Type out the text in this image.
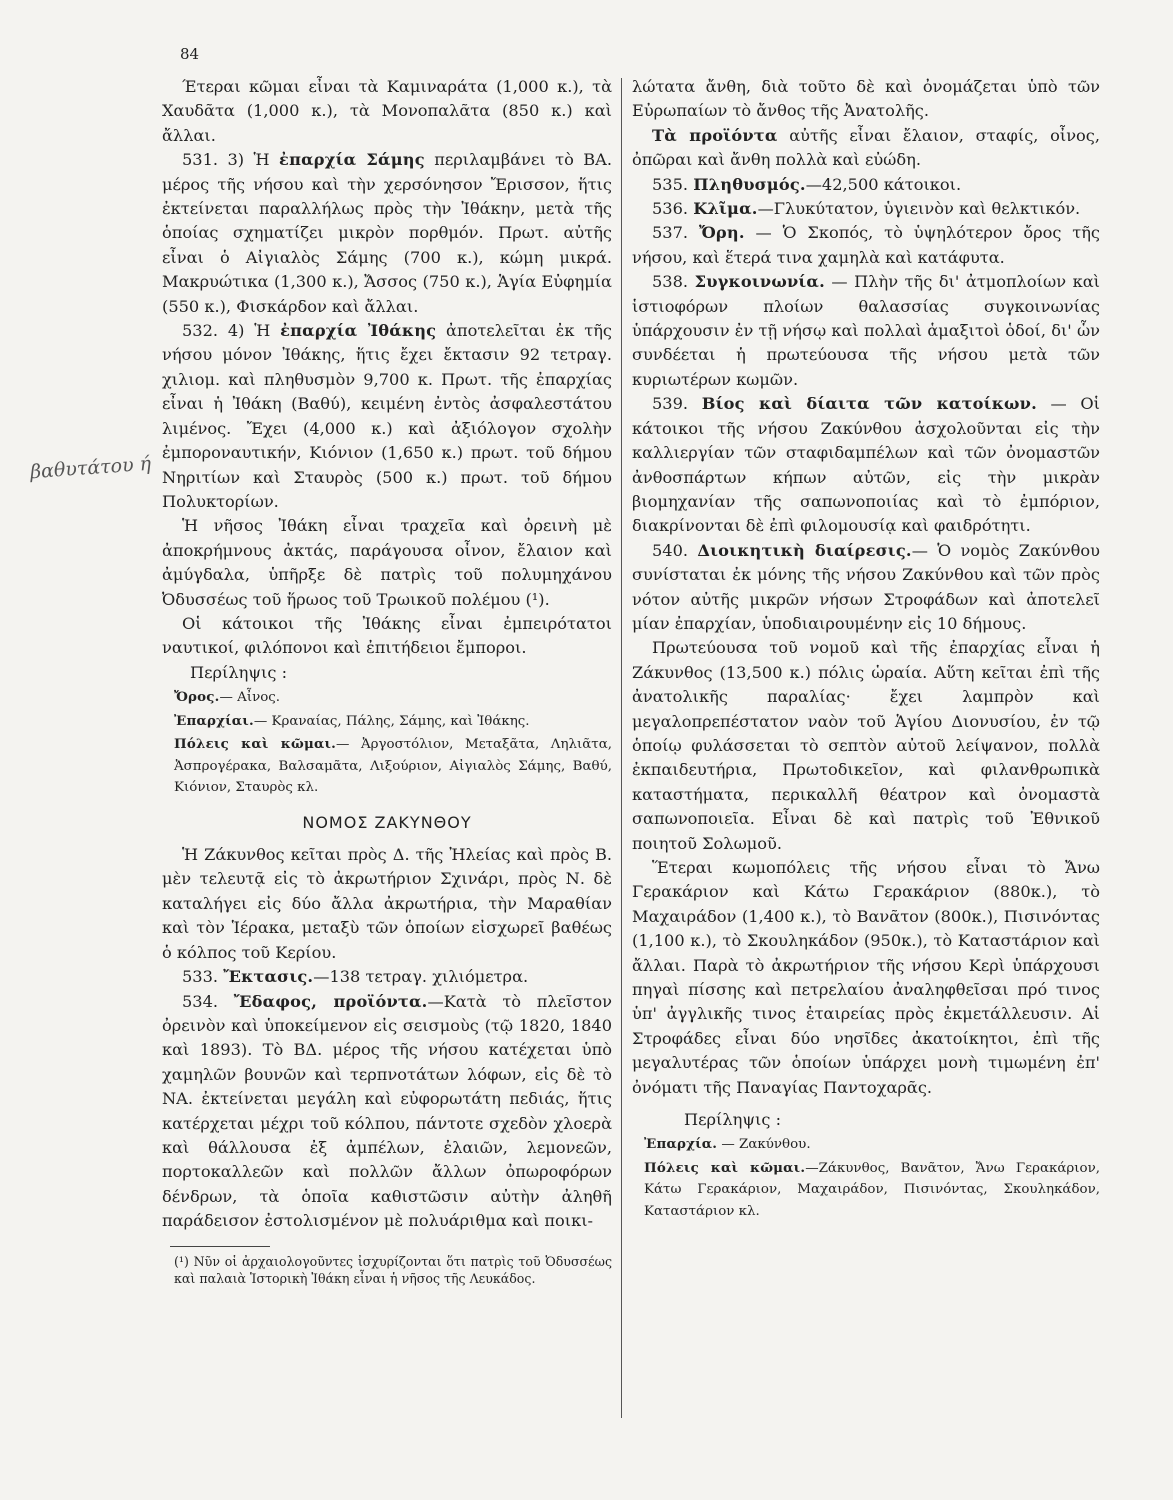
84
βαθυτάτου ή

Έτεραι κῶμαι εἶναι τὰ Καμιναράτα (1,000 κ.), τὰ Χαυδᾶτα (1,000 κ.), τὰ Μονοπαλᾶτα (850 κ.) καὶ ἄλλαι.

531. 3) Ἡ ἐπαρχία Σάμης περιλαμβάνει τὸ ΒΑ. μέρος τῆς νήσου καὶ τὴν χερσόνησον Ἔρισσον, ἥτις ἐκτείνεται παραλλήλως πρὸς τὴν Ἰθάκην, μετὰ τῆς ὁποίας σχηματίζει μικρὸν πορθμόν. Πρωτ. αὐτῆς εἶναι ὁ Αἰγιαλὸς Σάμης (700 κ.), κώμη μικρά. Μακρυώτικα (1,300 κ.), Ἄσσος (750 κ.), Ἁγία Εὐφημία (550 κ.), Φισκάρδον καὶ ἄλλαι.

532. 4) Ἡ ἐπαρχία Ἰθάκης ἀποτελεῖται ἐκ τῆς νήσου μόνον Ἰθάκης, ἥτις ἔχει ἔκτασιν 92 τετραγ. χιλιομ. καὶ πληθυσμὸν 9,700 κ. Πρωτ. τῆς ἐπαρχίας εἶναι ἡ Ἰθάκη (Βαθύ), κειμένη ἐντὸς ἀσφαλεστάτου λιμένος. Ἔχει (4,000 κ.) καὶ ἀξιόλογον σχολὴν ἐμποροναυτικήν, Κιόνιον (1,650 κ.) πρωτ. τοῦ δήμου Νηριτίων καὶ Σταυρὸς (500 κ.) πρωτ. τοῦ δήμου Πολυκτορίων.

Ἡ νῆσος Ἰθάκη εἶναι τραχεῖα καὶ ὀρεινὴ μὲ ἀποκρήμνους ἀκτάς, παράγουσα οἶνον, ἔλαιον καὶ ἀμύγδαλα, ὑπῆρξε δὲ πατρὶς τοῦ πολυμηχάνου Ὀδυσσέως τοῦ ἥρωος τοῦ Τρωικοῦ πολέμου (¹).

Οἱ κάτοικοι τῆς Ἰθάκης εἶναι ἐμπειρότατοι ναυτικοί, φιλόπονοι καὶ ἐπιτήδειοι ἔμποροι.

Περίληψις :

Ὄρος.— Αἶνος.

Ἐπαρχίαι.— Κραναίας, Πάλης, Σάμης, καὶ Ἰθάκης.

Πόλεις καὶ κῶμαι.— Ἀργοστόλιον, Μεταξᾶτα, Ληλιᾶτα, Ἀσπρογέρακα, Βαλσαμᾶτα, Λιξούριον, Αἰγιαλὸς Σάμης, Βαθύ, Κιόνιον, Σταυρὸς κλ.

ΝΟΜΟΣ ΖΑΚΥΝΘΟΥ

Ἡ Ζάκυνθος κεῖται πρὸς Δ. τῆς Ἠλείας καὶ πρὸς Β. μὲν τελευτᾷ εἰς τὸ ἀκρωτήριον Σχινάρι, πρὸς Ν. δὲ καταλήγει εἰς δύο ἄλλα ἀκρωτήρια, τὴν Μαραθίαν καὶ τὸν Ἱέρακα, μεταξὺ τῶν ὁποίων εἰσχωρεῖ βαθέως ὁ κόλπος τοῦ Κερίου.

533. Ἔκτασις.—138 τετραγ. χιλιόμετρα.

534. Ἔδαφος, προϊόντα.—Κατὰ τὸ πλεῖστον ὀρεινὸν καὶ ὑποκείμενον εἰς σεισμοὺς (τῷ 1820, 1840 καὶ 1893). Τὸ ΒΔ. μέρος τῆς νήσου κατέχεται ὑπὸ χαμηλῶν βουνῶν καὶ τερπνοτάτων λόφων, εἰς δὲ τὸ ΝΑ. ἐκτείνεται μεγάλη καὶ εὐφορωτάτη πεδιάς, ἥτις κατέρχεται μέχρι τοῦ κόλπου, πάντοτε σχεδὸν χλοερὰ καὶ θάλλουσα ἐξ ἀμπέλων, ἐλαιῶν, λεμονεῶν, πορτοκαλλεῶν καὶ πολλῶν ἄλλων ὀπωροφόρων δένδρων, τὰ ὁποῖα καθιστῶσιν αὐτὴν ἀληθῆ παράδεισον ἐστολισμένον μὲ πολυάριθμα καὶ ποικι-

(¹) Νῦν οἱ ἀρχαιολογοῦντες ἰσχυρίζονται ὅτι πατρὶς τοῦ Ὀδυσσέως καὶ παλαιὰ Ἱστορικὴ Ἰθάκη εἶναι ἡ νῆσος τῆς Λευκάδος.

λώτατα ἄνθη, διὰ τοῦτο δὲ καὶ ὀνομάζεται ὑπὸ τῶν Εὐρωπαίων τὸ ἄνθος τῆς Ἀνατολῆς.

Τὰ προϊόντα αὐτῆς εἶναι ἔλαιον, σταφίς, οἶνος, ὀπῶραι καὶ ἄνθη πολλὰ καὶ εὐώδη.

535. Πληθυσμός.—42,500 κάτοικοι.

536. Κλῖμα.—Γλυκύτατον, ὑγιεινὸν καὶ θελκτικόν.

537. Ὄρη. — Ὁ Σκοπός, τὸ ὑψηλότερον ὄρος τῆς νήσου, καὶ ἕτερά τινα χαμηλὰ καὶ κατάφυτα.

538. Συγκοινωνία. — Πλὴν τῆς δι' ἀτμοπλοίων καὶ ἱστιοφόρων πλοίων θαλασσίας συγκοινωνίας ὑπάρχουσιν ἐν τῇ νήσῳ καὶ πολλαὶ ἁμαξιτοὶ ὁδοί, δι' ὧν συνδέεται ἡ πρωτεύουσα τῆς νήσου μετὰ τῶν κυριωτέρων κωμῶν.

539. Βίος καὶ δίαιτα τῶν κατοίκων. — Οἱ κάτοικοι τῆς νήσου Ζακύνθου ἀσχολοῦνται εἰς τὴν καλλιεργίαν τῶν σταφιδαμπέλων καὶ τῶν ὀνομαστῶν ἀνθοσπάρτων κήπων αὐτῶν, εἰς τὴν μικρὰν βιομηχανίαν τῆς σαπωνοποιίας καὶ τὸ ἐμπόριον, διακρίνονται δὲ ἐπὶ φιλομουσίᾳ καὶ φαιδρότητι.

540. Διοικητικὴ διαίρεσις.— Ὁ νομὸς Ζακύνθου συνίσταται ἐκ μόνης τῆς νήσου Ζακύνθου καὶ τῶν πρὸς νότον αὐτῆς μικρῶν νήσων Στροφάδων καὶ ἀποτελεῖ μίαν ἐπαρχίαν, ὑποδιαιρουμένην εἰς 10 δήμους.

Πρωτεύουσα τοῦ νομοῦ καὶ τῆς ἐπαρχίας εἶναι ἡ Ζάκυνθος (13,500 κ.) πόλις ὡραία. Αὕτη κεῖται ἐπὶ τῆς ἀνατολικῆς παραλίας· ἔχει λαμπρὸν καὶ μεγαλοπρεπέστατον ναὸν τοῦ Ἁγίου Διονυσίου, ἐν τῷ ὁποίῳ φυλάσσεται τὸ σεπτὸν αὐτοῦ λείψανον, πολλὰ ἐκπαιδευτήρια, Πρωτοδικεῖον, καὶ φιλανθρωπικὰ καταστήματα, περικαλλῆ θέατρον καὶ ὀνομαστὰ σαπωνοποιεῖα. Εἶναι δὲ καὶ πατρὶς τοῦ Ἐθνικοῦ ποιητοῦ Σολωμοῦ.

Ἕτεραι κωμοπόλεις τῆς νήσου εἶναι τὸ Ἄνω Γερακάριον καὶ Κάτω Γερακάριον (880κ.), τὸ Μαχαιράδον (1,400 κ.), τὸ Βανᾶτον (800κ.), Πισινόντας (1,100 κ.), τὸ Σκουληκάδον (950κ.), τὸ Καταστάριον καὶ ἄλλαι. Παρὰ τὸ ἀκρωτήριον τῆς νήσου Κερὶ ὑπάρχουσι πηγαὶ πίσσης καὶ πετρελαίου ἀναληφθεῖσαι πρό τινος ὑπ' ἀγγλικῆς τινος ἑταιρείας πρὸς ἐκμετάλλευσιν. Αἱ Στροφάδες εἶναι δύο νησῖδες ἀκατοίκητοι, ἐπὶ τῆς μεγαλυτέρας τῶν ὁποίων ὑπάρχει μονὴ τιμωμένη ἐπ' ὀνόματι τῆς Παναγίας Παντοχαρᾶς.

Περίληψις :

Ἐπαρχία. — Ζακύνθου.

Πόλεις καὶ κῶμαι.—Ζάκυνθος, Βανᾶτον, Ἄνω Γερακάριον, Κάτω Γερακάριον, Μαχαιράδον, Πισινόντας, Σκουληκάδον, Καταστάριον κλ.
